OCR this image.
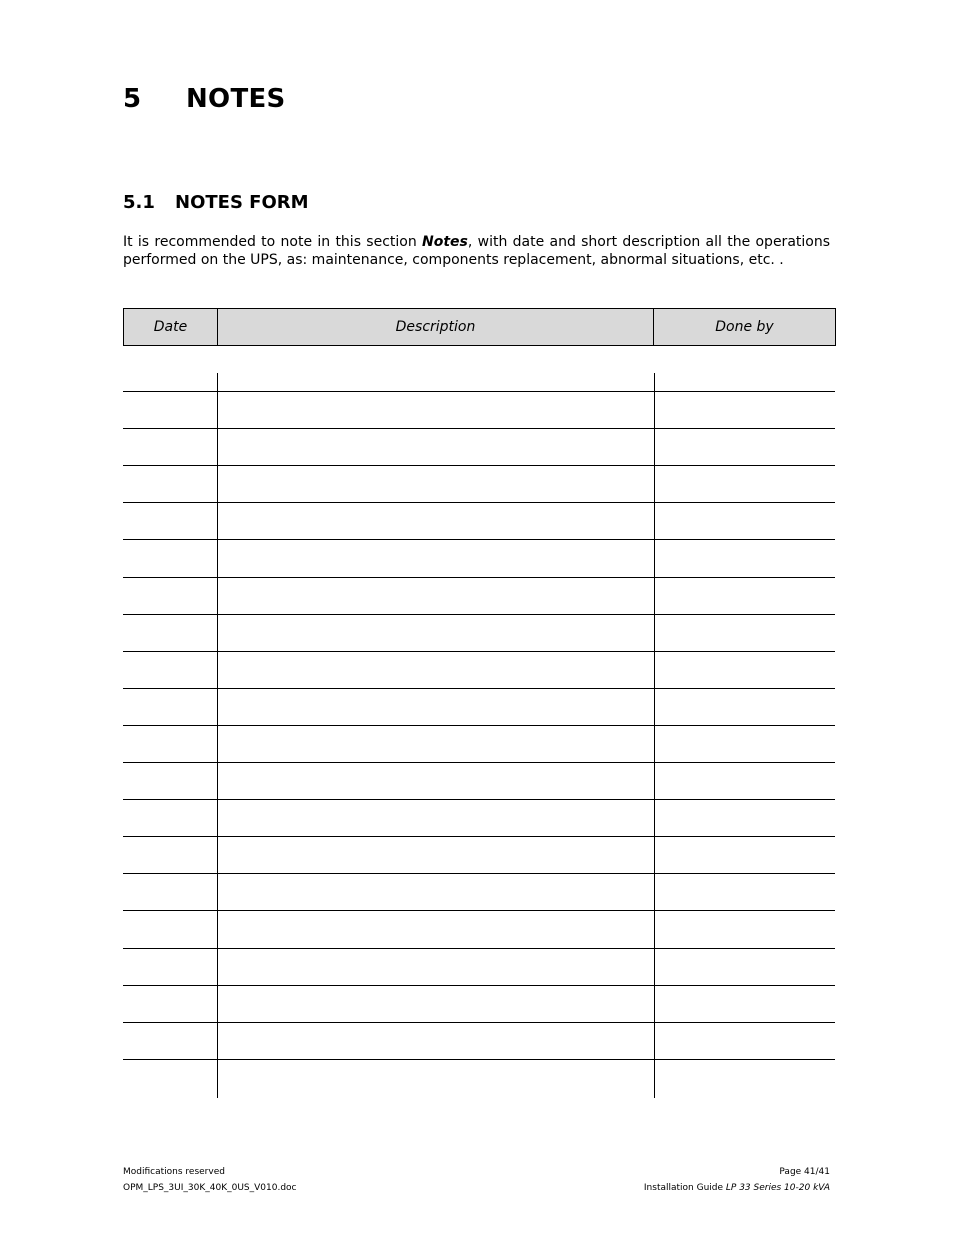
5 NOTES
5.1 NOTES FORM

It is recommended to note in this section Notes, with date and short description all the operations performed on the UPS, as: maintenance, components replacement, abnormal situations, etc. .

Date	Description	Done by
Modifications reserved
OPM_LPS_3UI_30K_40K_0US_V010.doc
Page 41/41
Installation Guide LP 33 Series 10-20 kVA
